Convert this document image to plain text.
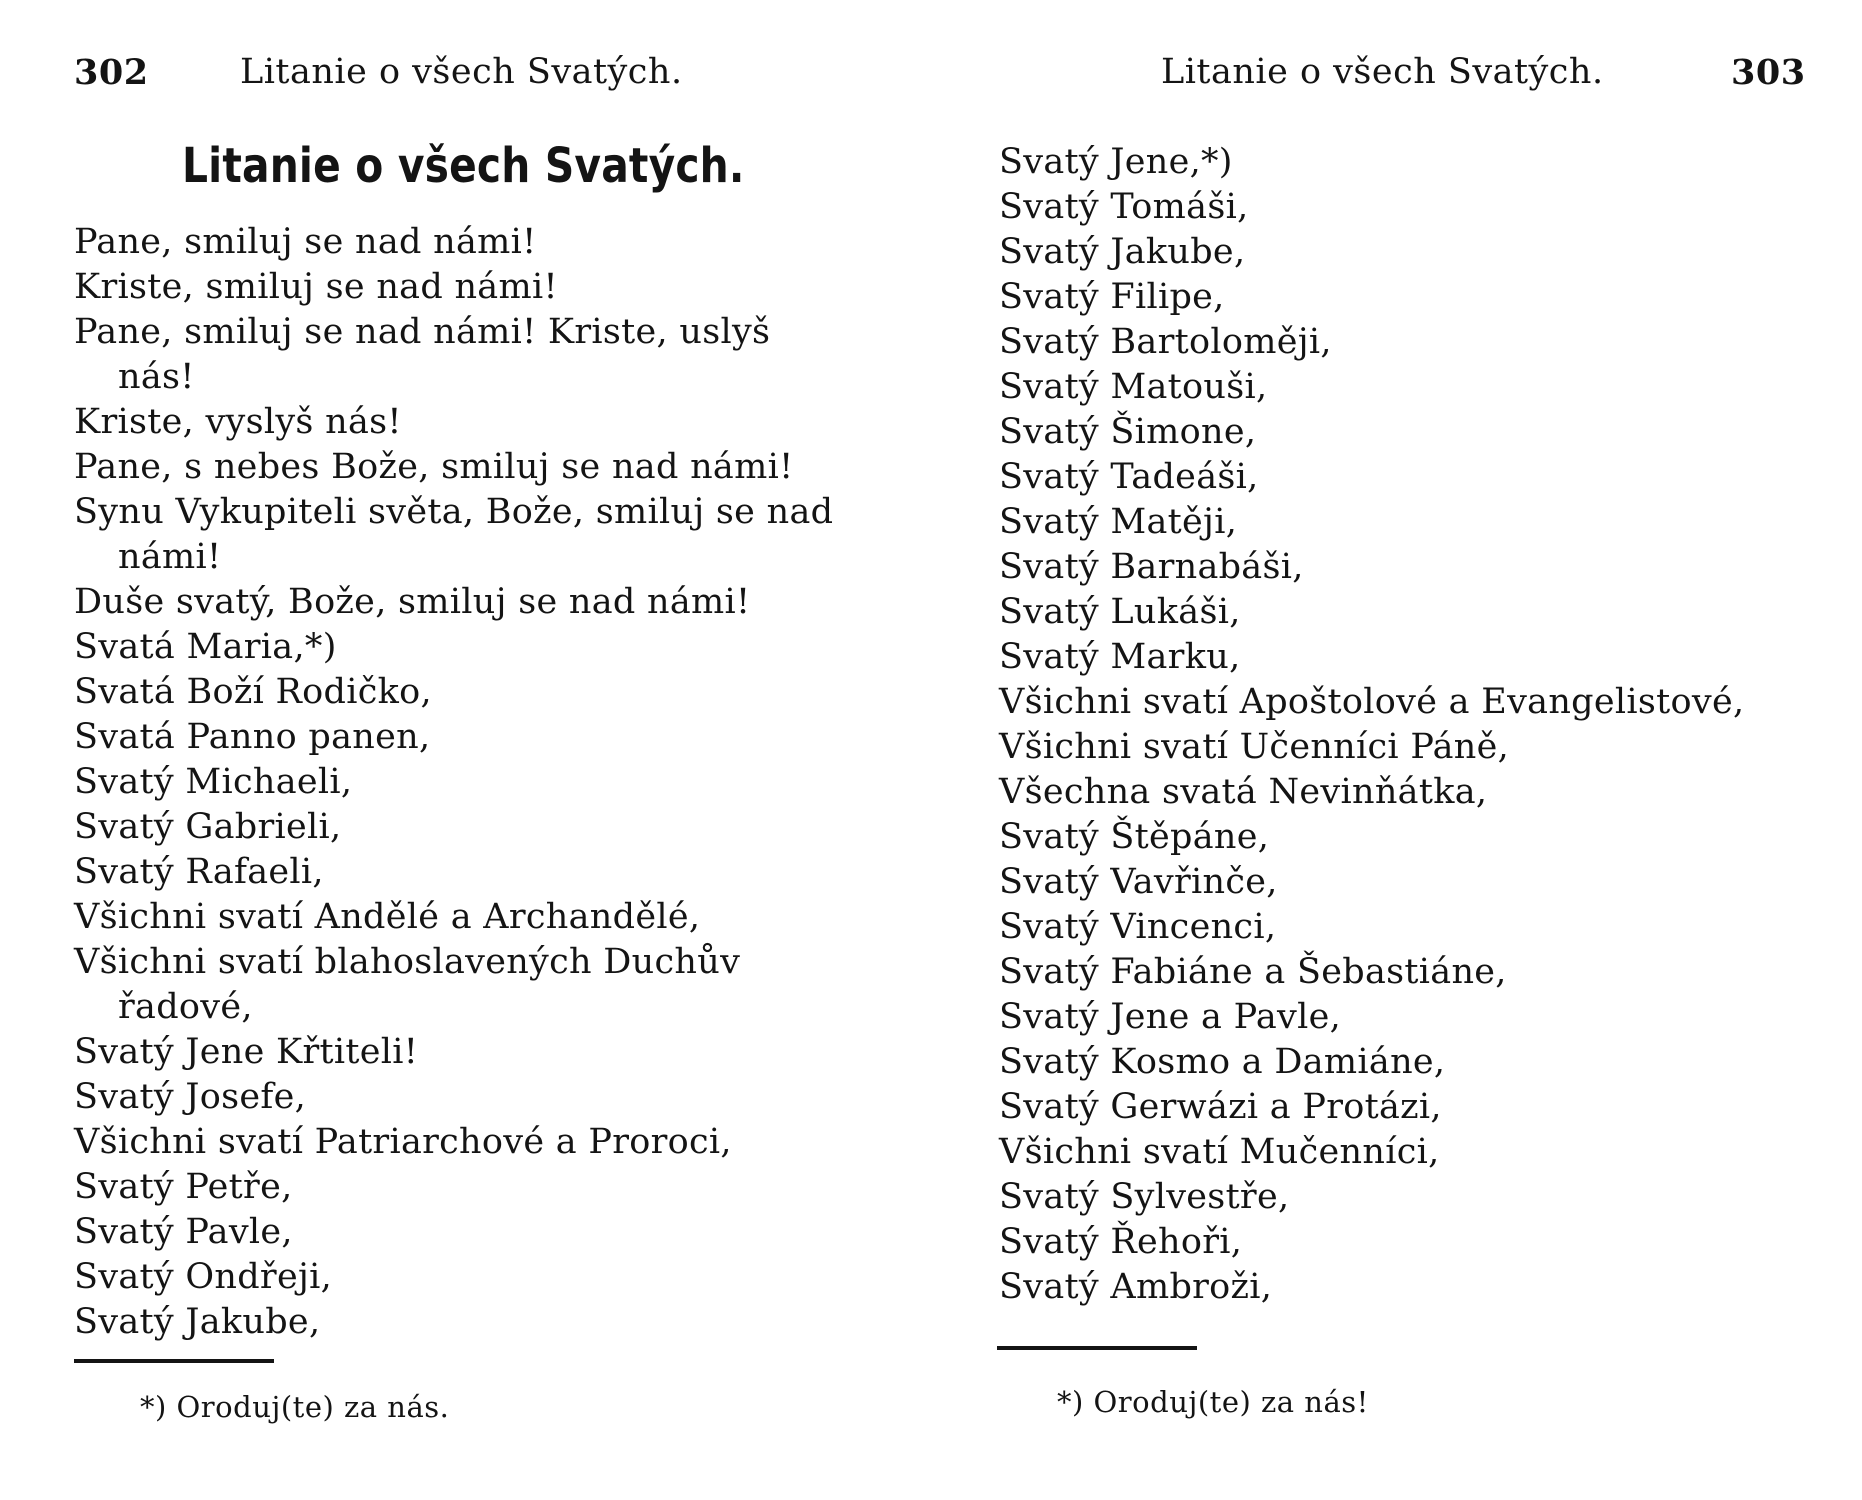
302	Litanie o všech Svatých.
Litanie o všech Svatých.
Pane, smiluj se nad námi!
Kriste, smiluj se nad námi!
Pane, smiluj se nad námi! Kriste, uslyš
nás!
Kriste, vyslyš nás!
Pane, s nebes Bože, smiluj se nad námi!
Synu Vykupiteli světa, Bože, smiluj se nad
námi!
Duše svatý, Bože, smiluj se nad námi!
Svatá Maria,*)
Svatá Boží Rodičko,
Svatá Panno panen,
Svatý Michaeli,
Svatý Gabrieli,
Svatý Rafaeli,
Všichni svatí Andělé a Archandělé,
Všichni svatí blahoslavených Duchův
řadové,
Svatý Jene Křtiteli!
Svatý Josefe,
Všichni svatí Patriarchové a Proroci,
Svatý Petře,
Svatý Pavle,
Svatý Ondřeji,
Svatý Jakube,
*) Oroduj(te) za nás.
Litanie o všech Svatých.	303
Svatý Jene,*)
Svatý Tomáši,
Svatý Jakube,
Svatý Filipe,
Svatý Bartoloměji,
Svatý Matouši,
Svatý Šimone,
Svatý Tadeáši,
Svatý Matěji,
Svatý Barnabáši,
Svatý Lukáši,
Svatý Marku,
Všichni svatí Apoštolové a Evangelistové,
Všichni svatí Učenníci Páně,
Všechna svatá Nevinňátka,
Svatý Štěpáne,
Svatý Vavřinče,
Svatý Vincenci,
Svatý Fabiáne a Šebastiáne,
Svatý Jene a Pavle,
Svatý Kosmo a Damiáne,
Svatý Gerwázi a Protázi,
Všichni svatí Mučenníci,
Svatý Sylvestře,
Svatý Řehoři,
Svatý Ambroži,
*) Oroduj(te) za nás!
